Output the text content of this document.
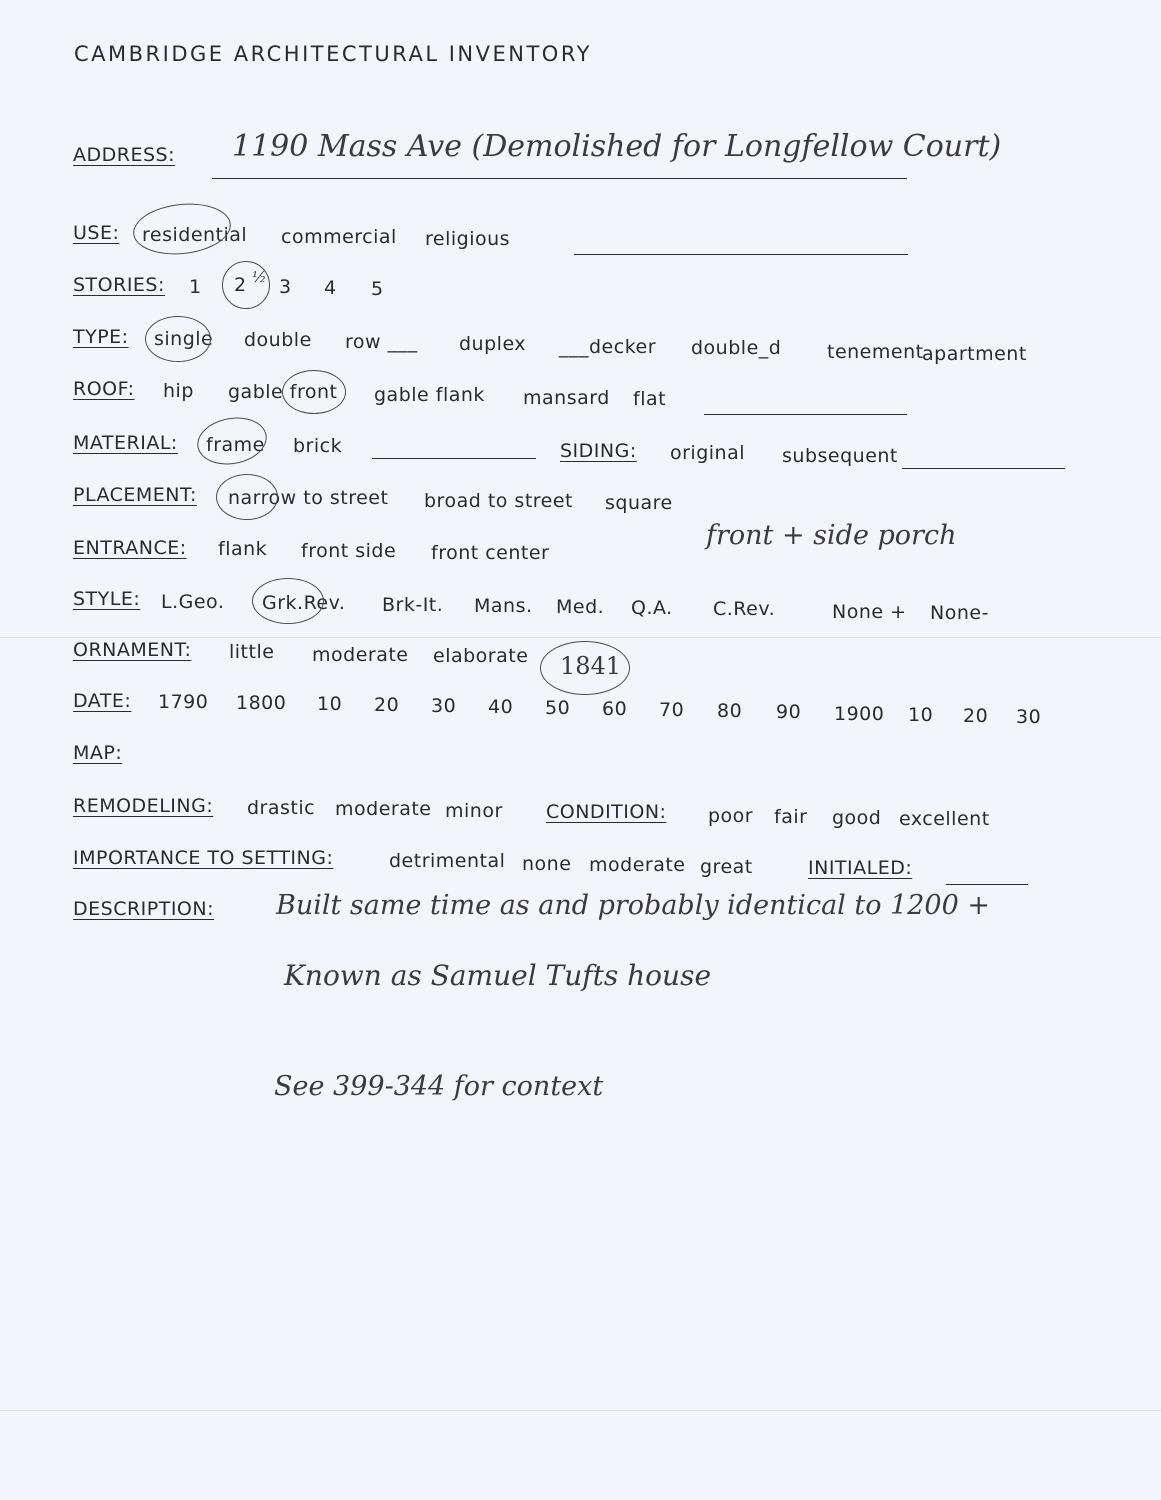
CAMBRIDGE ARCHITECTURAL INVENTORY
ADDRESS: 1190 Mass Ave (Demolished for Longfellow Court)
USE: residential commercial religious
STORIES: 1 2 ½ 3 4 5
TYPE: single double row ___ duplex ___decker double_d tenement
apartment
ROOF: hip gable front gable flank mansard flat
MATERIAL: frame brick	SIDING: original subsequent
PLACEMENT: narrow to street broad to street square
ENTRANCE: flank front side front center
front + side porch
STYLE: L.Geo. Grk.Rev. Brk-It. Mans. Med. Q.A. C.Rev.	None + None-
ORNAMENT: little moderate elaborate
DATE: 1790 1800 10 20 30 40 50 60 70 80 90 1900 10 20 30
1841
MAP:
REMODELING: drastic moderate minor CONDITION: poor fair good excellent
IMPORTANCE TO SETTING:	detrimental none moderate great	INITIALED:
DESCRIPTION: Built same time as and probably identical to 1200 +
Known as Samuel Tufts house
See 399-344 for context
